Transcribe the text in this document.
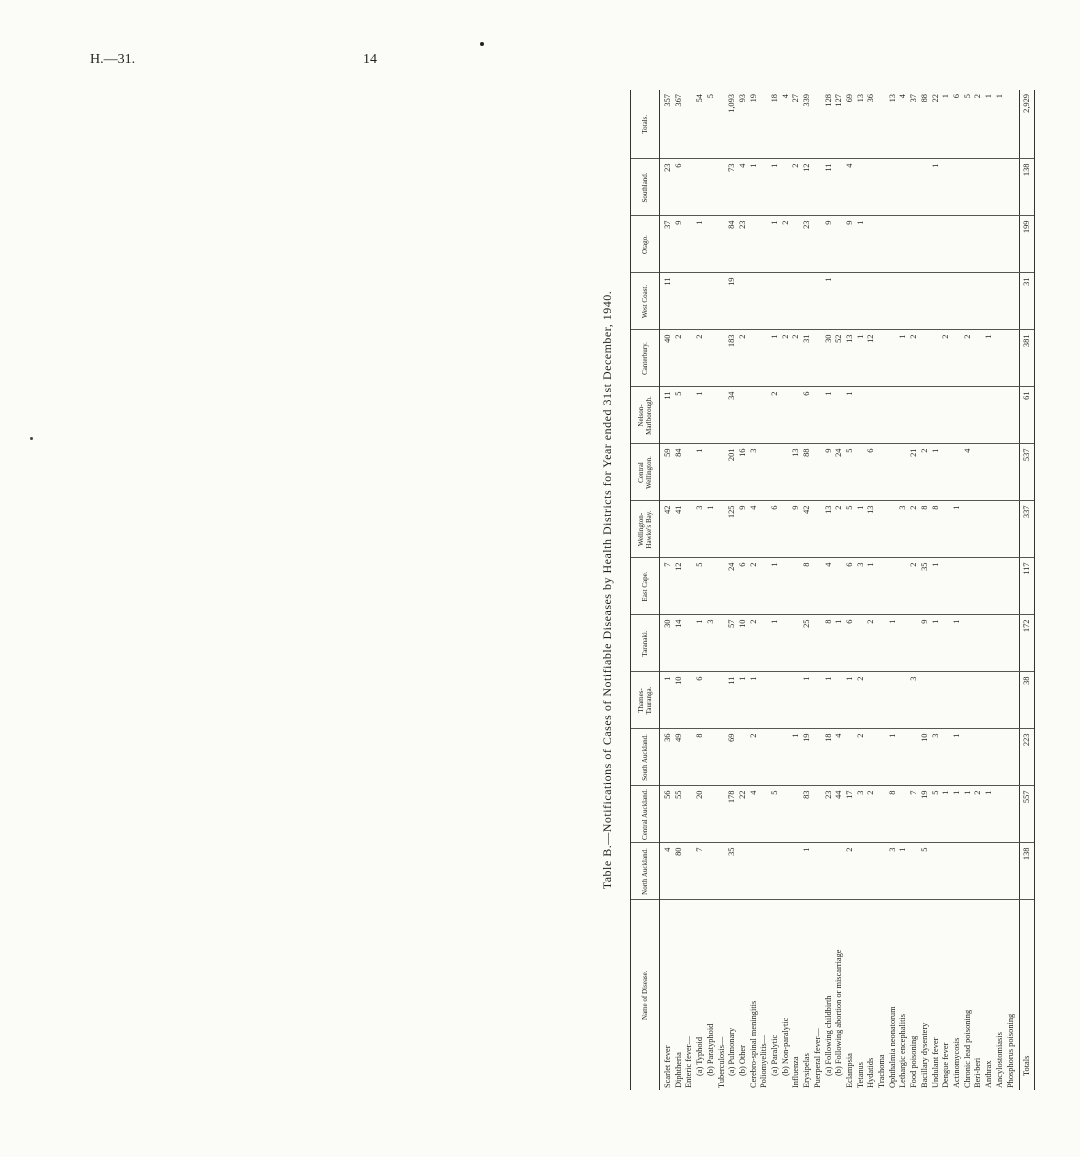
H.—31.	14
Table B.—Notifications of Cases of Notifiable Diseases by Health Districts for Year ended 31st December, 1940.
Name of Disease.	North Auckland.	Central Auckland.	South Auckland.	Thames-Tauranga.	Taranaki.	East Cape.	Wellington-Hawke's Bay.	Central Wellington.	Nelson-Marlborough.	Canterbury.	West Coast.	Otago.	Southland.	Totals.

Scarlet fever	4	56	36	1	30	7	42	59	11	40	11	37	23	357
Diphtheria	80	55	49	10	14	12	41	84	5	2		9	6	367
Enteric fever—														
(a) Typhoid	7	20	8	6	1	5	3	1	1	2		1		54
(b) Paratyphoid					3		1							5
Tuberculosis—														
(a) Pulmonary	35	178	69	11	57	24	125	201	34	183	19	84	73	1,093
(b) Other		22		1	10	6	9	16		2		23	4	93
Cerebro-spinal meningitis		4	2	1	2	2	4	3					1	19
Poliomyelitis—														
(a) Paralytic		5			1	1	6		2	1		1	1	18
(b) Non-paralytic										2		2		4
Influenza			1				9	13		2			2	27
Erysipelas	1	83	19	1	25	8	42	88	6	31		23	12	339
Puerperal fever—														
(a) Following childbirth		23	18	1	8	4	13	9	1	30	1	9	11	128
(b) Following abortion or miscarriage		44	4		1		2	24		52				127
Eclampsia	2	17		1	6	6	5	5	1	13		9	4	69
Tetanus		3	2	2		3	1			1		1		13
Hydatids		2			2	1	13	6		12				36
Trachoma														
Ophthalmia neonatorum	3	8	1		1									13
Lethargic encephalitis	1						3			1				4
Food poisoning		7		3		2	2	21		2				37
Bacillary dysentery	5	19	10		9	35	8	2						88
Undulant fever		5	3		1	1	8	1					1	22
Dengue fever		1								2				1
Actinomycosis		1	1		1		1							6
Chronic lead poisoning		1						4		2				5
Beri-beri		2												2
Anthrax		1								1				1
Ancylostomiasis														1
Phosphorus poisoning														

Totals	138	557	223	38	172	117	337	537	61	381	31	199	138	2,929
